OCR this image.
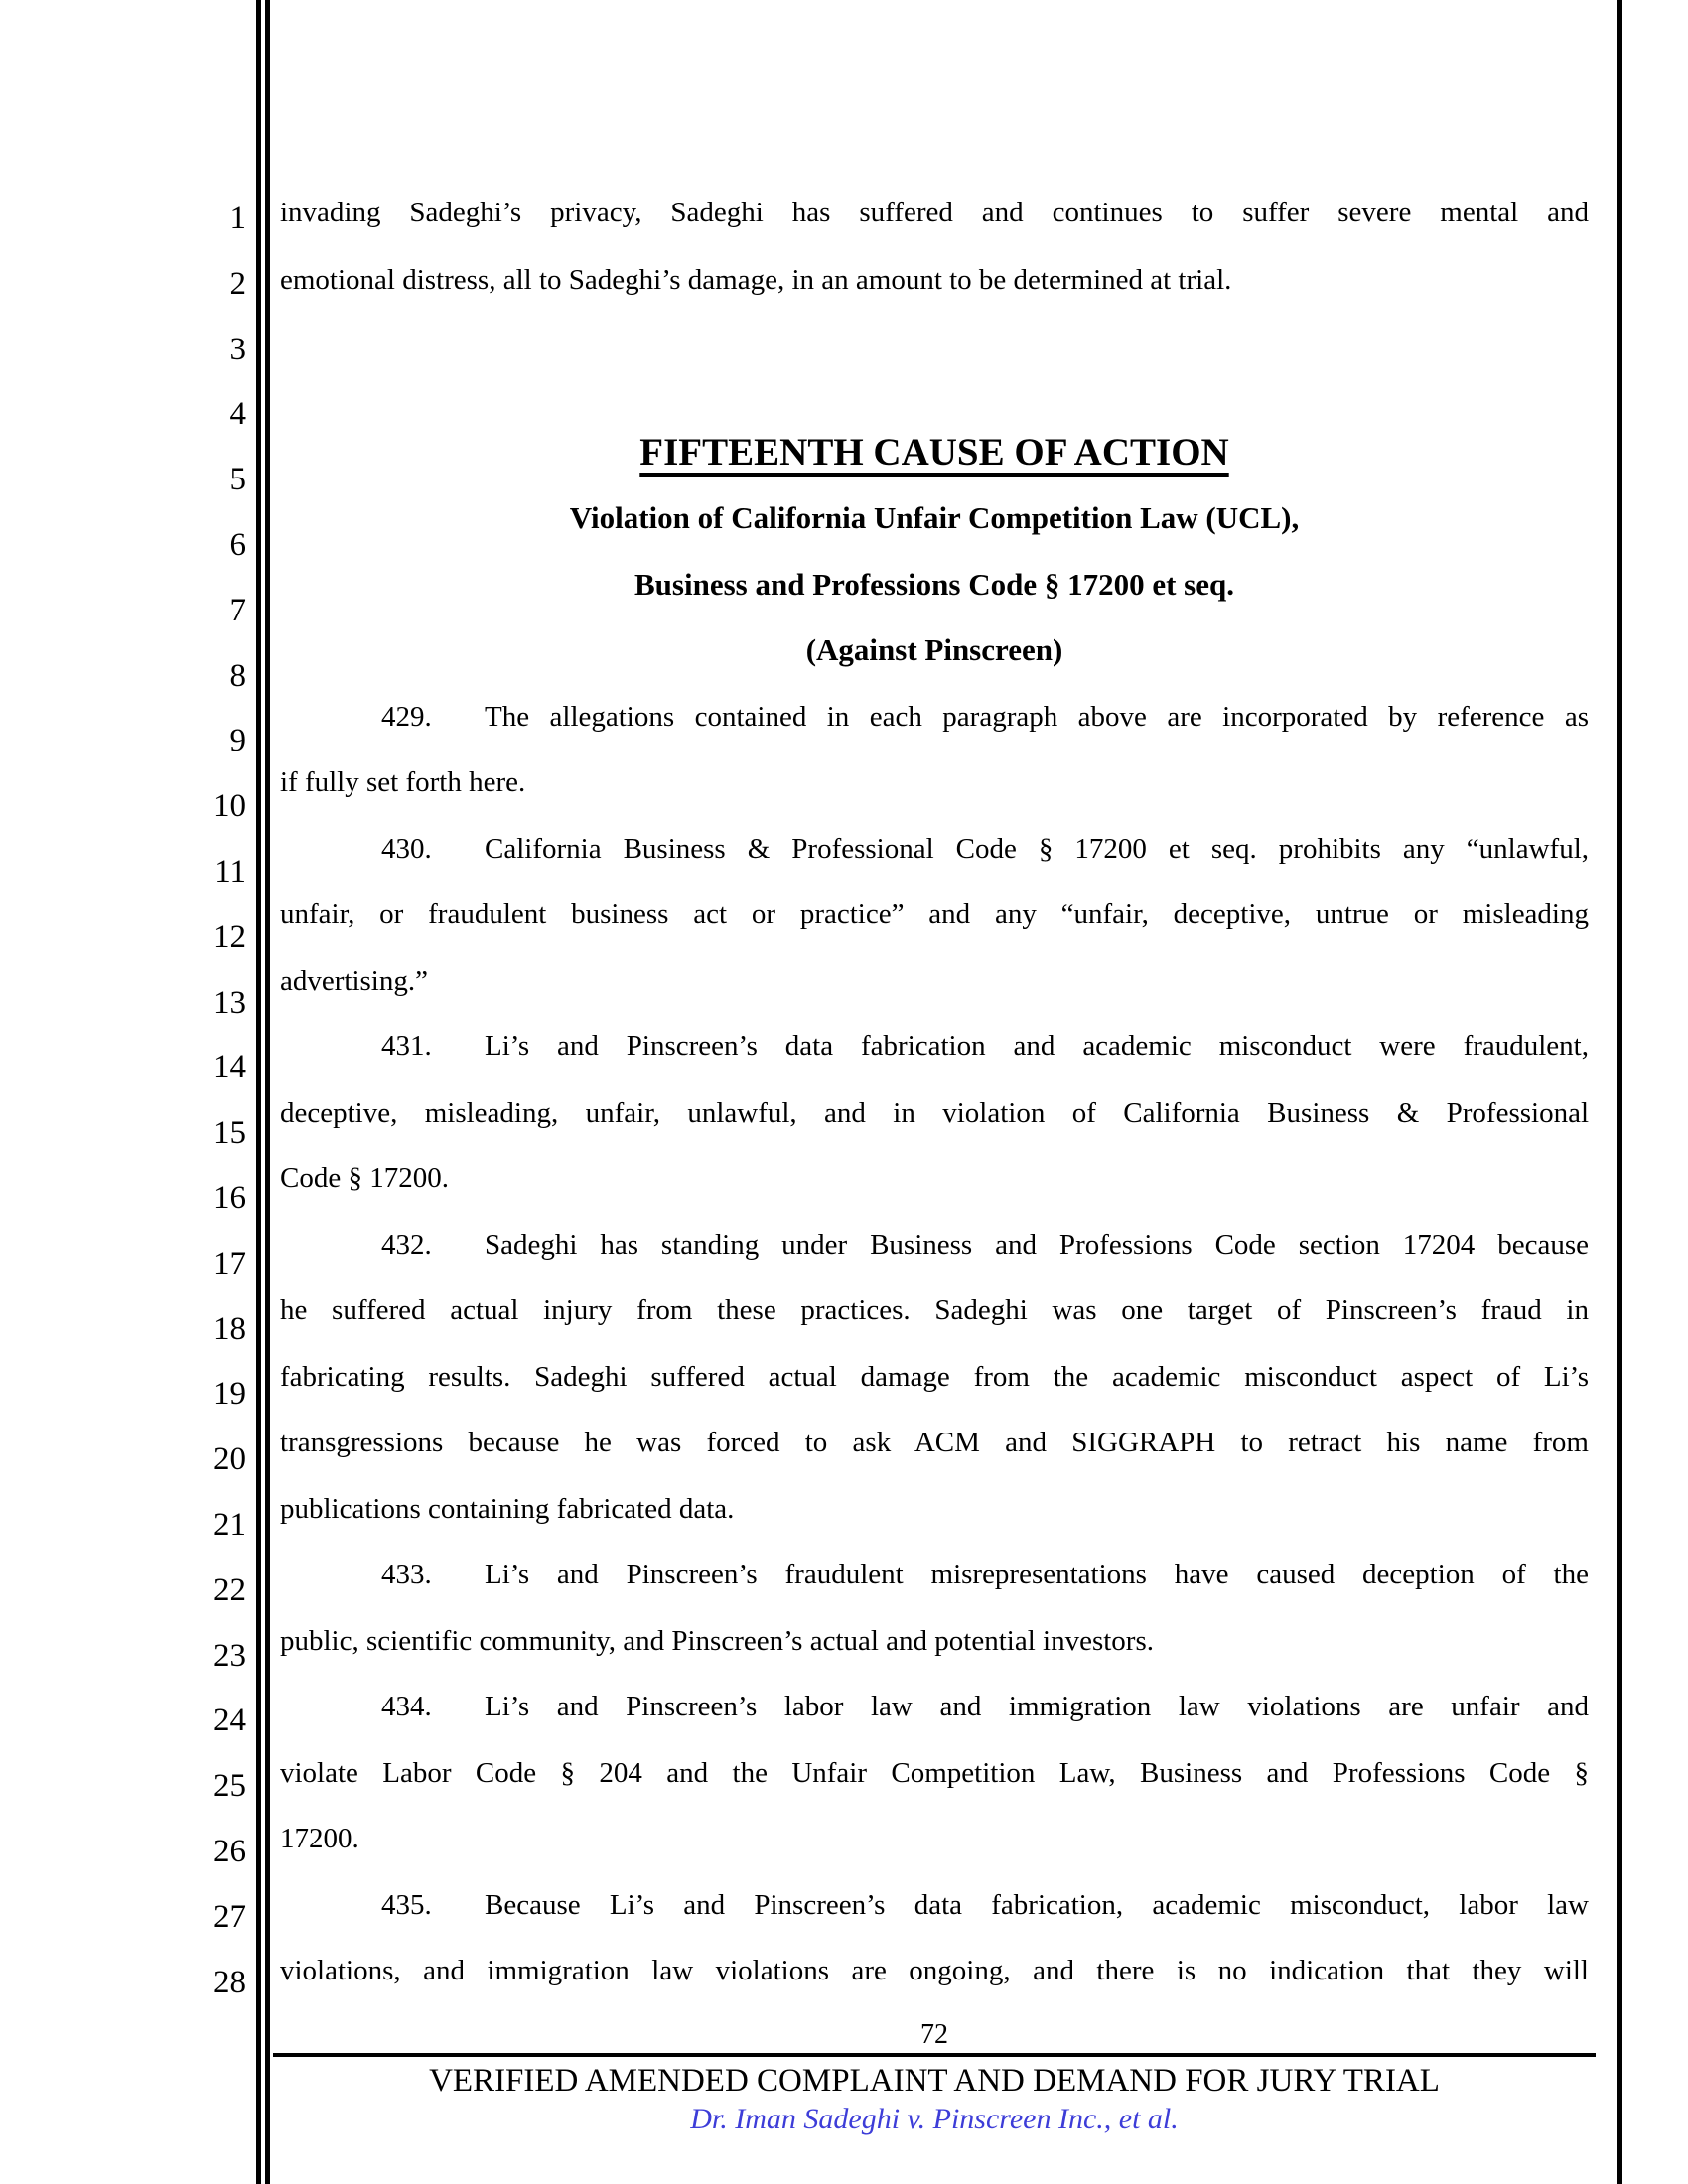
1
2
3
4
5
6
7
8
9
10
11
12
13
14
15
16
17
18
19
20
21
22
23
24
25
26
27
28
invading Sadeghi’s privacy, Sadeghi has suffered and continues to suffer severe mental and
emotional distress, all to Sadeghi’s damage, in an amount to be determined at trial.
FIFTEENTH CAUSE OF ACTION
Violation of California Unfair Competition Law (UCL),
Business and Professions Code § 17200 et seq.
(Against Pinscreen)
429. The allegations contained in each paragraph above are incorporated by reference as
if fully set forth here.
430. California Business & Professional Code § 17200 et seq. prohibits any “unlawful,
unfair, or fraudulent business act or practice” and any “unfair, deceptive, untrue or misleading
advertising.”
431. Li’s and Pinscreen’s data fabrication and academic misconduct were fraudulent,
deceptive, misleading, unfair, unlawful, and in violation of California Business & Professional
Code § 17200.
432. Sadeghi has standing under Business and Professions Code section 17204 because
he suffered actual injury from these practices. Sadeghi was one target of Pinscreen’s fraud in
fabricating results. Sadeghi suffered actual damage from the academic misconduct aspect of Li’s
transgressions because he was forced to ask ACM and SIGGRAPH to retract his name from
publications containing fabricated data.
433. Li’s and Pinscreen’s fraudulent misrepresentations have caused deception of the
public, scientific community, and Pinscreen’s actual and potential investors.
434. Li’s and Pinscreen’s labor law and immigration law violations are unfair and
violate Labor Code § 204 and the Unfair Competition Law, Business and Professions Code §
17200.
435. Because Li’s and Pinscreen’s data fabrication, academic misconduct, labor law
violations, and immigration law violations are ongoing, and there is no indication that they will
72
VERIFIED AMENDED COMPLAINT AND DEMAND FOR JURY TRIAL
Dr. Iman Sadeghi v. Pinscreen Inc., et al.
